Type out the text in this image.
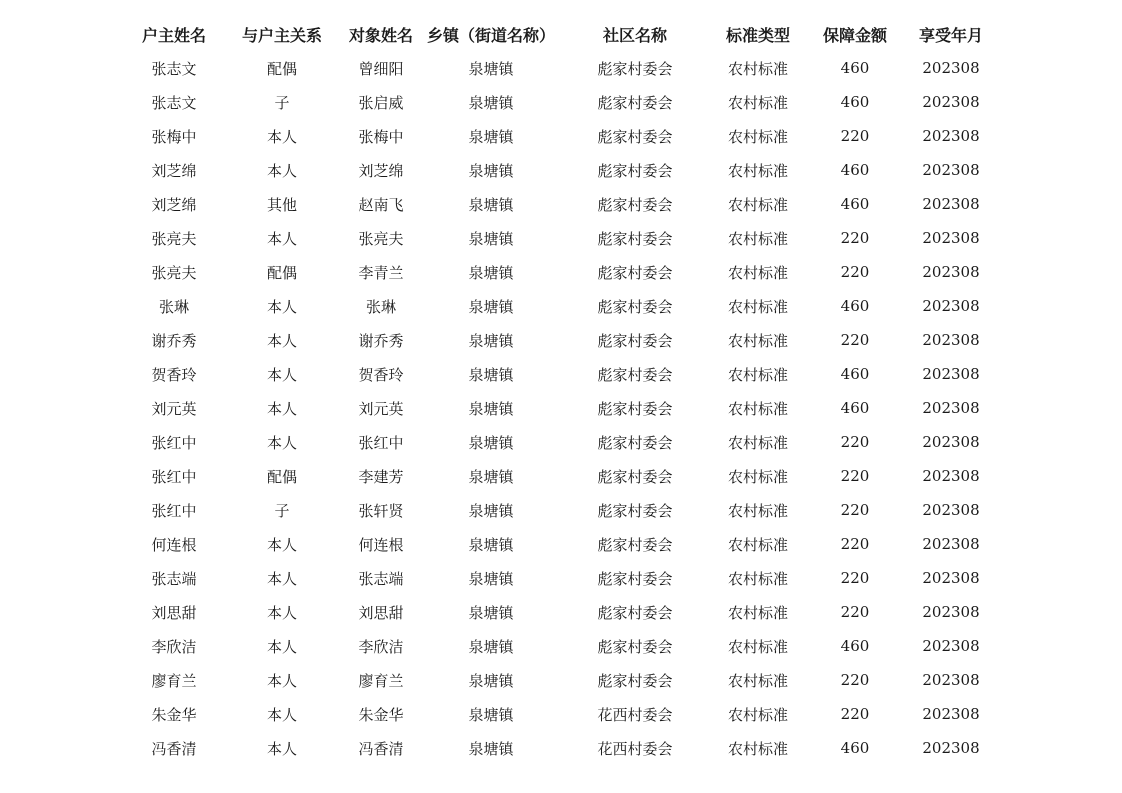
户主姓名	与户主关系	对象姓名	乡镇（街道名称）	社区名称	标准类型	保障金额	享受年月
张志文	配偶	曾细阳	泉塘镇	彪家村委会	农村标准	460	202308
张志文	子	张启威	泉塘镇	彪家村委会	农村标准	460	202308
张梅中	本人	张梅中	泉塘镇	彪家村委会	农村标准	220	202308
刘芝绵	本人	刘芝绵	泉塘镇	彪家村委会	农村标准	460	202308
刘芝绵	其他	赵南飞	泉塘镇	彪家村委会	农村标准	460	202308
张亮夫	本人	张亮夫	泉塘镇	彪家村委会	农村标准	220	202308
张亮夫	配偶	李青兰	泉塘镇	彪家村委会	农村标准	220	202308
张琳	本人	张琳	泉塘镇	彪家村委会	农村标准	460	202308
谢乔秀	本人	谢乔秀	泉塘镇	彪家村委会	农村标准	220	202308
贺香玲	本人	贺香玲	泉塘镇	彪家村委会	农村标准	460	202308
刘元英	本人	刘元英	泉塘镇	彪家村委会	农村标准	460	202308
张红中	本人	张红中	泉塘镇	彪家村委会	农村标准	220	202308
张红中	配偶	李建芳	泉塘镇	彪家村委会	农村标准	220	202308
张红中	子	张轩贤	泉塘镇	彪家村委会	农村标准	220	202308
何连根	本人	何连根	泉塘镇	彪家村委会	农村标准	220	202308
张志端	本人	张志端	泉塘镇	彪家村委会	农村标准	220	202308
刘思甜	本人	刘思甜	泉塘镇	彪家村委会	农村标准	220	202308
李欣洁	本人	李欣洁	泉塘镇	彪家村委会	农村标准	460	202308
廖育兰	本人	廖育兰	泉塘镇	彪家村委会	农村标准	220	202308
朱金华	本人	朱金华	泉塘镇	花西村委会	农村标准	220	202308
冯香清	本人	冯香清	泉塘镇	花西村委会	农村标准	460	202308
